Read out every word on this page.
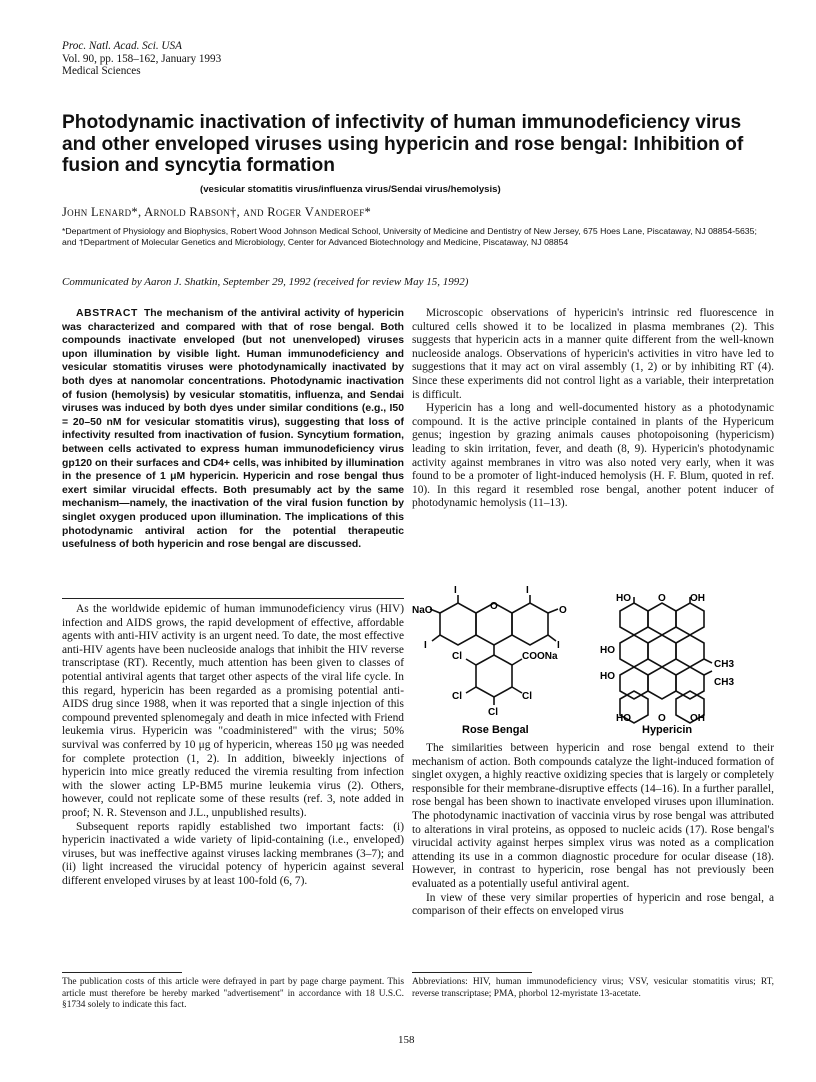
Proc. Natl. Acad. Sci. USA
Vol. 90, pp. 158–162, January 1993
Medical Sciences
Photodynamic inactivation of infectivity of human immunodeficiency virus and other enveloped viruses using hypericin and rose bengal: Inhibition of fusion and syncytia formation
(vesicular stomatitis virus/influenza virus/Sendai virus/hemolysis)
John Lenard*, Arnold Rabson†, and Roger Vanderoef*
*Department of Physiology and Biophysics, Robert Wood Johnson Medical School, University of Medicine and Dentistry of New Jersey, 675 Hoes Lane, Piscataway, NJ 08854-5635; and †Department of Molecular Genetics and Microbiology, Center for Advanced Biotechnology and Medicine, Piscataway, NJ 08854
Communicated by Aaron J. Shatkin, September 29, 1992 (received for review May 15, 1992)

ABSTRACT The mechanism of the antiviral activity of hypericin was characterized and compared with that of rose bengal. Both compounds inactivate enveloped (but not unenveloped) viruses upon illumination by visible light. Human immunodeficiency and vesicular stomatitis viruses were photodynamically inactivated by both dyes at nanomolar concentrations. Photodynamic inactivation of fusion (hemolysis) by vesicular stomatitis, influenza, and Sendai viruses was induced by both dyes under similar conditions (e.g., I50 = 20–50 nM for vesicular stomatitis virus), suggesting that loss of infectivity resulted from inactivation of fusion. Syncytium formation, between cells activated to express human immunodeficiency virus gp120 on their surfaces and CD4+ cells, was inhibited by illumination in the presence of 1 μM hypericin. Hypericin and rose bengal thus exert similar virucidal effects. Both presumably act by the same mechanism—namely, the inactivation of the viral fusion function by singlet oxygen produced upon illumination. The implications of this photodynamic antiviral action for the potential therapeutic usefulness of both hypericin and rose bengal are discussed.

As the worldwide epidemic of human immunodeficiency virus (HIV) infection and AIDS grows, the rapid development of effective, affordable agents with anti-HIV activity is an urgent need. To date, the most effective anti-HIV agents have been nucleoside analogs that inhibit the HIV reverse transcriptase (RT). Recently, much attention has been given to classes of potential antiviral agents that target other aspects of the viral life cycle. In this regard, hypericin has been regarded as a promising potential anti-AIDS drug since 1988, when it was reported that a single injection of this compound prevented splenomegaly and death in mice infected with Friend leukemia virus. Hypericin was "coadministered" with the virus; 50% survival was conferred by 10 μg of hypericin, whereas 150 μg was needed for complete protection (1, 2). In addition, biweekly injections of hypericin into mice greatly reduced the viremia resulting from infection with the slower acting LP-BM5 murine leukemia virus (2). Others, however, could not replicate some of these results (ref. 3, note added in proof; N. R. Stevenson and J.L., unpublished results).

Subsequent reports rapidly established two important facts: (i) hypericin inactivated a wide variety of lipid-containing (i.e., enveloped) viruses, but was ineffective against viruses lacking membranes (3–7); and (ii) light increased the virucidal potency of hypericin against several different enveloped viruses by at least 100-fold (6, 7).

Microscopic observations of hypericin's intrinsic red fluorescence in cultured cells showed it to be localized in plasma membranes (2). This suggests that hypericin acts in a manner quite different from the well-known nucleoside analogs. Observations of hypericin's activities in vitro have led to suggestions that it may act on viral assembly (1, 2) or by inhibiting RT (4). Since these experiments did not control light as a variable, their interpretation is difficult.

Hypericin has a long and well-documented history as a photodynamic compound. It is the active principle contained in plants of the Hypericum genus; ingestion by grazing animals causes photopoisoning (hypericism) leading to skin irritation, fever, and death (8, 9). Hypericin's photodynamic activity against membranes in vitro was also noted very early, when it was found to be a promoter of light-induced hemolysis (H. F. Blum, quoted in ref. 10). In this regard it resembled rose bengal, another potent inducer of photodynamic hemolysis (11–13).

I	I
NaO	O	O
I	I
Cl	COONa
Cl	Cl
Cl
Rose Bengal
HO	O OH
HO
CH3
HO
CH3
HO	O OH
Hypericin

The similarities between hypericin and rose bengal extend to their mechanism of action. Both compounds catalyze the light-induced formation of singlet oxygen, a highly reactive oxidizing species that is largely or completely responsible for their membrane-disruptive effects (14–16). In a further parallel, rose bengal has been shown to inactivate enveloped viruses upon illumination. The photodynamic inactivation of vaccinia virus by rose bengal was attributed to alterations in viral proteins, as opposed to nucleic acids (17). Rose bengal's virucidal activity against herpes simplex virus was noted as a complication attending its use in a common diagnostic procedure for ocular disease (18). However, in contrast to hypericin, rose bengal has not previously been evaluated as a potentially useful antiviral agent.

In view of these very similar properties of hypericin and rose bengal, a comparison of their effects on enveloped virus

The publication costs of this article were defrayed in part by page charge payment. This article must therefore be hereby marked "advertisement" in accordance with 18 U.S.C. §1734 solely to indicate this fact.
Abbreviations: HIV, human immunodeficiency virus; VSV, vesicular stomatitis virus; RT, reverse transcriptase; PMA, phorbol 12-myristate 13-acetate.
158
